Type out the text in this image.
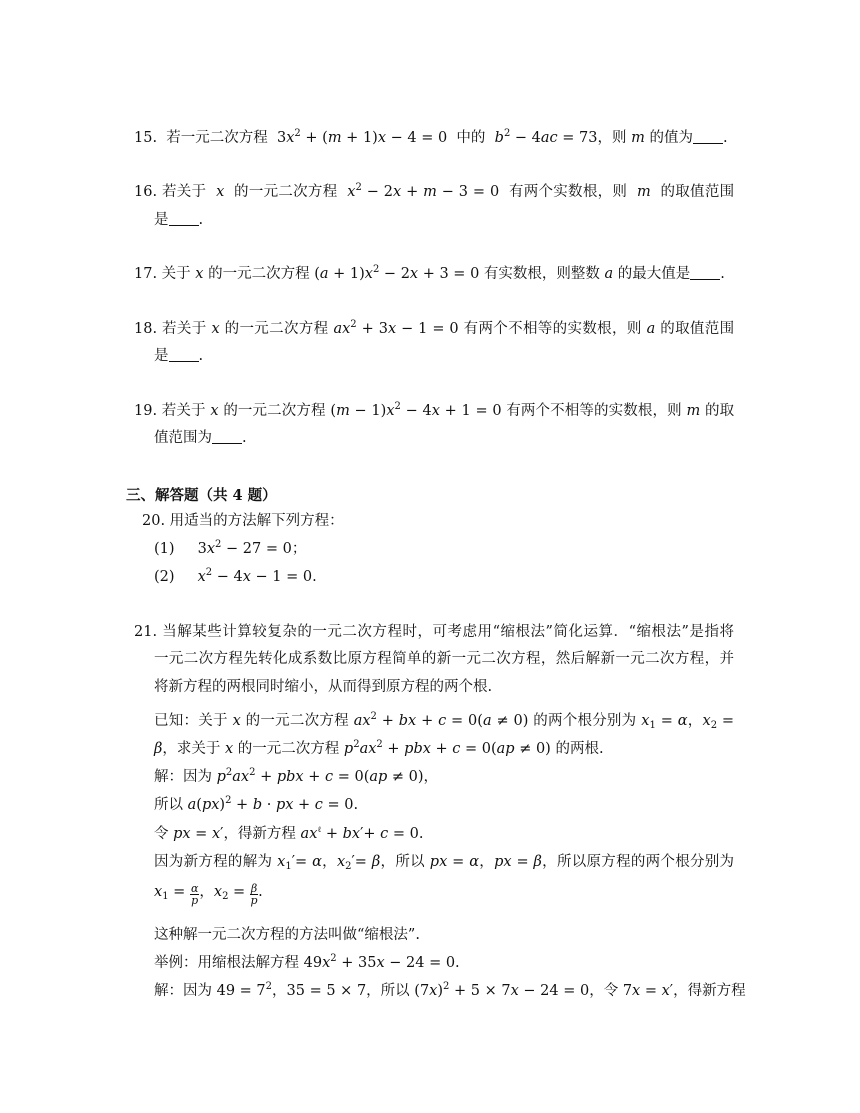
15. 若一元二次方程 $3x^2 + (m + 1)x - 4 = 0$ 中的 $b^2 - 4ac = 73$，则 m 的值为 .
16. 若关于 x 的一元二次方程 $x^2 - 2x + m - 3 = 0$ 有两个实数根，则 m 的取值范围
是 .
17. 关于 x 的一元二次方程 $(a + 1)x^2 - 2x + 3 = 0$ 有实数根，则整数 a 的最大值是 .
18. 若关于 x 的一元二次方程 $ax^2 + 3x - 1 = 0$ 有两个不相等的实数根，则 a 的取值范围
是 .
19. 若关于 x 的一元二次方程 $(m - 1)x^2 - 4x + 1 = 0$ 有两个不相等的实数根，则 m 的取
值范围为 .
三、解答题（共 4 题）
20. 用适当的方法解下列方程：
(1) $3x^2 - 27 = 0$；
(2) $x^2 - 4x - 1 = 0$.
21. 当解某些计算较复杂的一元二次方程时，可考虑用“缩根法”简化运算．“缩根法”是指将
一元二次方程先转化成系数比原方程简单的新一元二次方程，然后解新一元二次方程，并
将新方程的两根同时缩小，从而得到原方程的两个根.
已知：关于 x 的一元二次方程 $ax^2$ + bx + c = 0(a ≠ 0) 的两个根分别为 $x_1 = \alpha$，$x_2$ =
β，求关于 x 的一元二次方程 $p^2ax^2$ + pbx + c = 0(ap ≠ 0) 的两根.
解：因为 $p^2ax^2$ + pbx + c = 0(ap ≠ 0)，
所以 a(px)$^2$ + b · px + c = 0.
令 px = x′，得新方程 $ax^\ell + bx'+ c = 0$.
因为新方程的解为 $x_1'= \alpha$，$x_2'= \beta$，所以 px = α，px = β，所以原方程的两个根分别为
$x_1 = \frac{\alpha}{p}$ ，$x_2 = \frac{\beta}{p}$ .
这种解一元二次方程的方法叫做“缩根法”.
举例：用缩根法解方程 $49x^2 + 35x - 24 = 0$.
解：因为 $49 = 7^2$，35 = 5 × 7，所以 $(7x)^2 + 5 \times 7x - 24 = 0$，令 7x = x′，得新方程
